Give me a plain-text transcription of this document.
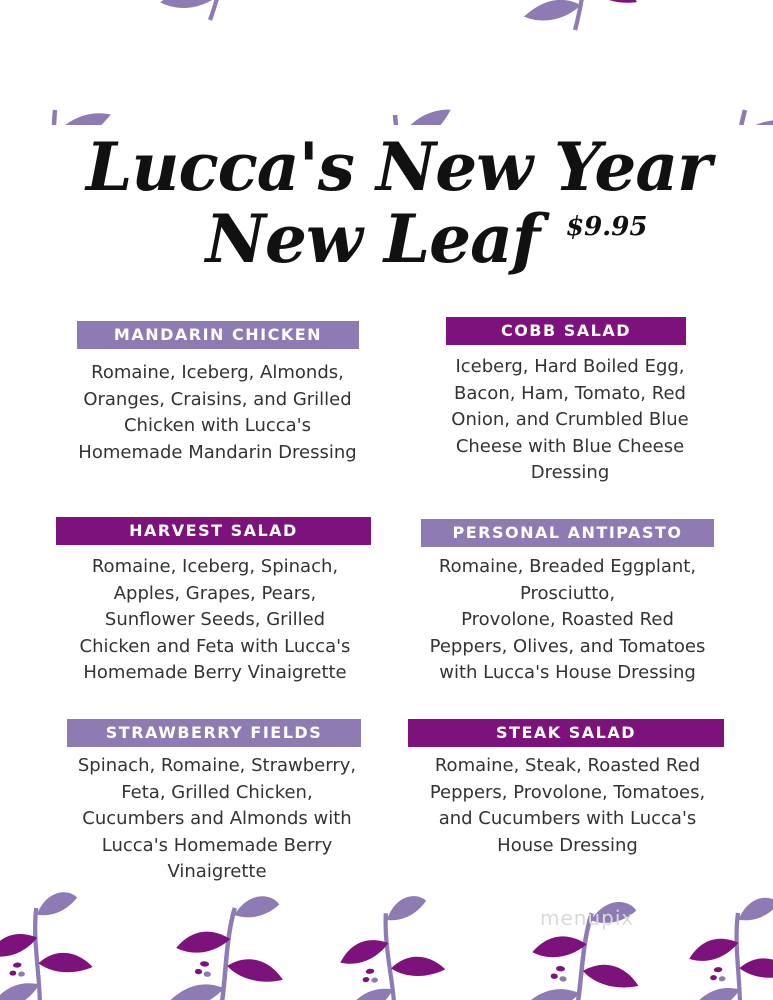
Lucca's New Year
New Leaf	$9.95
MANDARIN CHICKEN
Romaine, Iceberg, Almonds,
Oranges, Craisins, and Grilled
Chicken with Lucca's
Homemade Mandarin Dressing
COBB SALAD
Iceberg, Hard Boiled Egg,
Bacon, Ham, Tomato, Red
Onion, and Crumbled Blue
Cheese with Blue Cheese
Dressing
HARVEST SALAD
Romaine, Iceberg, Spinach,
Apples, Grapes, Pears,
Sunflower Seeds, Grilled
Chicken and Feta with Lucca's
Homemade Berry Vinaigrette
PERSONAL ANTIPASTO
Romaine, Breaded Eggplant,
Prosciutto,
Provolone, Roasted Red
Peppers, Olives, and Tomatoes
with Lucca's House Dressing
STRAWBERRY FIELDS
Spinach, Romaine, Strawberry,
Feta, Grilled Chicken,
Cucumbers and Almonds with
Lucca's Homemade Berry
Vinaigrette
STEAK SALAD
Romaine, Steak, Roasted Red
Peppers, Provolone, Tomatoes,
and Cucumbers with Lucca's
House Dressing
menupix
